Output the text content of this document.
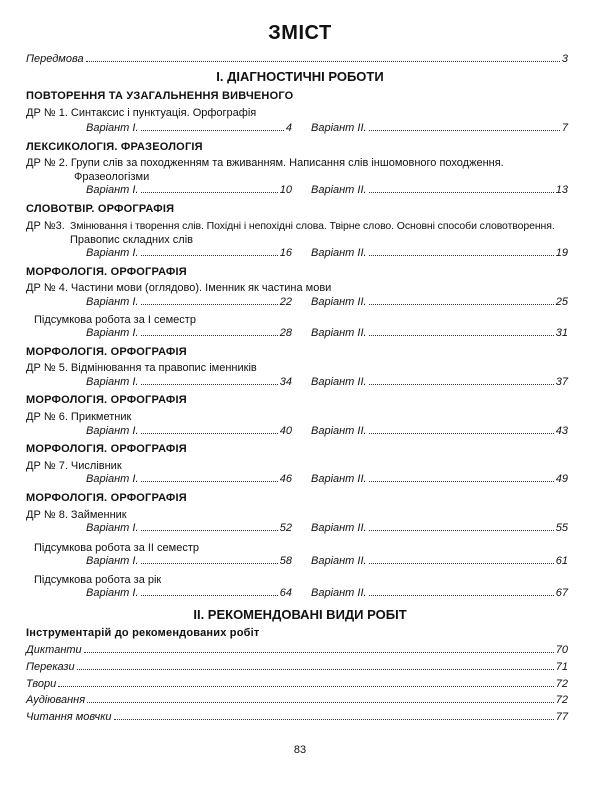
ЗМІСТ
Передмова	3
І. ДІАГНОСТИЧНІ РОБОТИ
ПОВТОРЕННЯ ТА УЗАГАЛЬНЕННЯ ВИВЧЕНОГО
ДР № 1. Синтаксис і пунктуація. Орфографія
Варіант І.	4 Варіант ІІ.	7
ЛЕКСИКОЛОГІЯ. ФРАЗЕОЛОГІЯ
ДР № 2. Групи слів за походженням та вживанням. Написання слів іншомовного походження.
Фразеологізми
Варіант І.	10 Варіант ІІ.	13
СЛОВОТВІР. ОРФОГРАФІЯ
ДР №3. Змінювання і творення слів. Похідні і непохідні слова. Твірне слово. Основні способи словотворення.
Правопис складних слів
Варіант І.	16 Варіант ІІ.	19
МОРФОЛОГІЯ. ОРФОГРАФІЯ
ДР № 4. Частини мови (оглядово). Іменник як частина мови
Варіант І.	22 Варіант ІІ.	25
Підсумкова робота за І семестр
Варіант І.	28 Варіант ІІ.	31
МОРФОЛОГІЯ. ОРФОГРАФІЯ
ДР № 5. Відмінювання та правопис іменників
Варіант І.	34 Варіант ІІ.	37
МОРФОЛОГІЯ. ОРФОГРАФІЯ
ДР № 6. Прикметник
Варіант І.	40 Варіант ІІ.	43
МОРФОЛОГІЯ. ОРФОГРАФІЯ
ДР № 7. Числівник
Варіант І.	46 Варіант ІІ.	49
МОРФОЛОГІЯ. ОРФОГРАФІЯ
ДР № 8. Займенник
Варіант І.	52 Варіант ІІ.	55
Підсумкова робота за ІІ семестр
Варіант І.	58 Варіант ІІ.	61
Підсумкова робота за рік
Варіант І.	64 Варіант ІІ.	67
ІІ. РЕКОМЕНДОВАНІ ВИДИ РОБІТ
Інструментарій до рекомендованих робіт
Диктанти	70
Перекази	71
Твори	72
Аудіювання	72
Читання мовчки	77
83
